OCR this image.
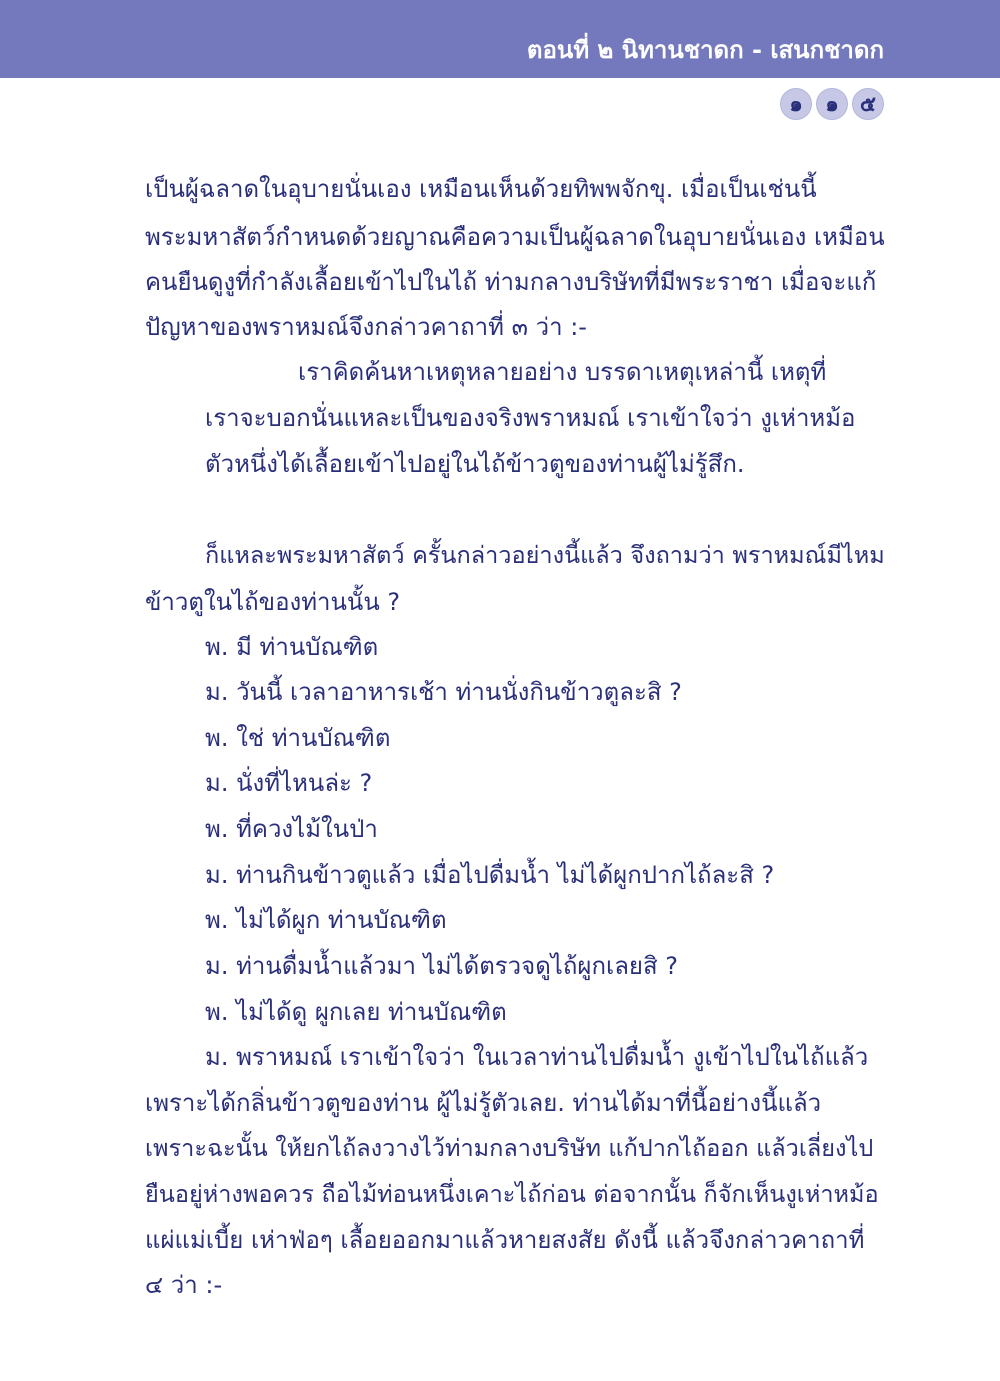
ตอนที่ ๒ นิทานชาดก - เสนกชาดก
๑	๑	๕
เป็นผู้ฉลาดในอุบายนั่นเอง เหมือนเห็นด้วยทิพพจักขุ. เมื่อเป็นเช่นนี้
พระมหาสัตว์กำหนดด้วยญาณคือความเป็นผู้ฉลาดในอุบายนั่นเอง เหมือน
คนยืนดูงูที่กำลังเลื้อยเข้าไปในไถ้ ท่ามกลางบริษัทที่มีพระราชา เมื่อจะแก้
ปัญหาของพราหมณ์จึงกล่าวคาถาที่ ๓ ว่า :-
เราคิดค้นหาเหตุหลายอย่าง บรรดาเหตุเหล่านี้ เหตุที่
เราจะบอกนั่นแหละเป็นของจริงพราหมณ์ เราเข้าใจว่า งูเห่าหม้อ
ตัวหนึ่งได้เลื้อยเข้าไปอยู่ในไถ้ข้าวตูของท่านผู้ไม่รู้สึก.
ก็แหละพระมหาสัตว์ ครั้นกล่าวอย่างนี้แล้ว จึงถามว่า พราหมณ์มีไหม
ข้าวตูในไถ้ของท่านนั้น ?
พ. มี ท่านบัณฑิต
ม. วันนี้ เวลาอาหารเช้า ท่านนั่งกินข้าวตูละสิ ?
พ. ใช่ ท่านบัณฑิต
ม. นั่งที่ไหนล่ะ ?
พ. ที่ควงไม้ในป่า
ม. ท่านกินข้าวตูแล้ว เมื่อไปดื่มน้ำ ไม่ได้ผูกปากไถ้ละสิ ?
พ. ไม่ได้ผูก ท่านบัณฑิต
ม. ท่านดื่มน้ำแล้วมา ไม่ได้ตรวจดูไถ้ผูกเลยสิ ?
พ. ไม่ได้ดู ผูกเลย ท่านบัณฑิต
ม. พราหมณ์ เราเข้าใจว่า ในเวลาท่านไปดื่มน้ำ งูเข้าไปในไถ้แล้ว
เพราะได้กลิ่นข้าวตูของท่าน ผู้ไม่รู้ตัวเลย. ท่านได้มาที่นี้อย่างนี้แล้ว
เพราะฉะนั้น ให้ยกไถ้ลงวางไว้ท่ามกลางบริษัท แก้ปากไถ้ออก แล้วเลี่ยงไป
ยืนอยู่ห่างพอควร ถือไม้ท่อนหนึ่งเคาะไถ้ก่อน ต่อจากนั้น ก็จักเห็นงูเห่าหม้อ
แผ่แม่เบี้ย เห่าฟ่อๆ เลื้อยออกมาแล้วหายสงสัย ดังนี้ แล้วจึงกล่าวคาถาที่
๔ ว่า :-
